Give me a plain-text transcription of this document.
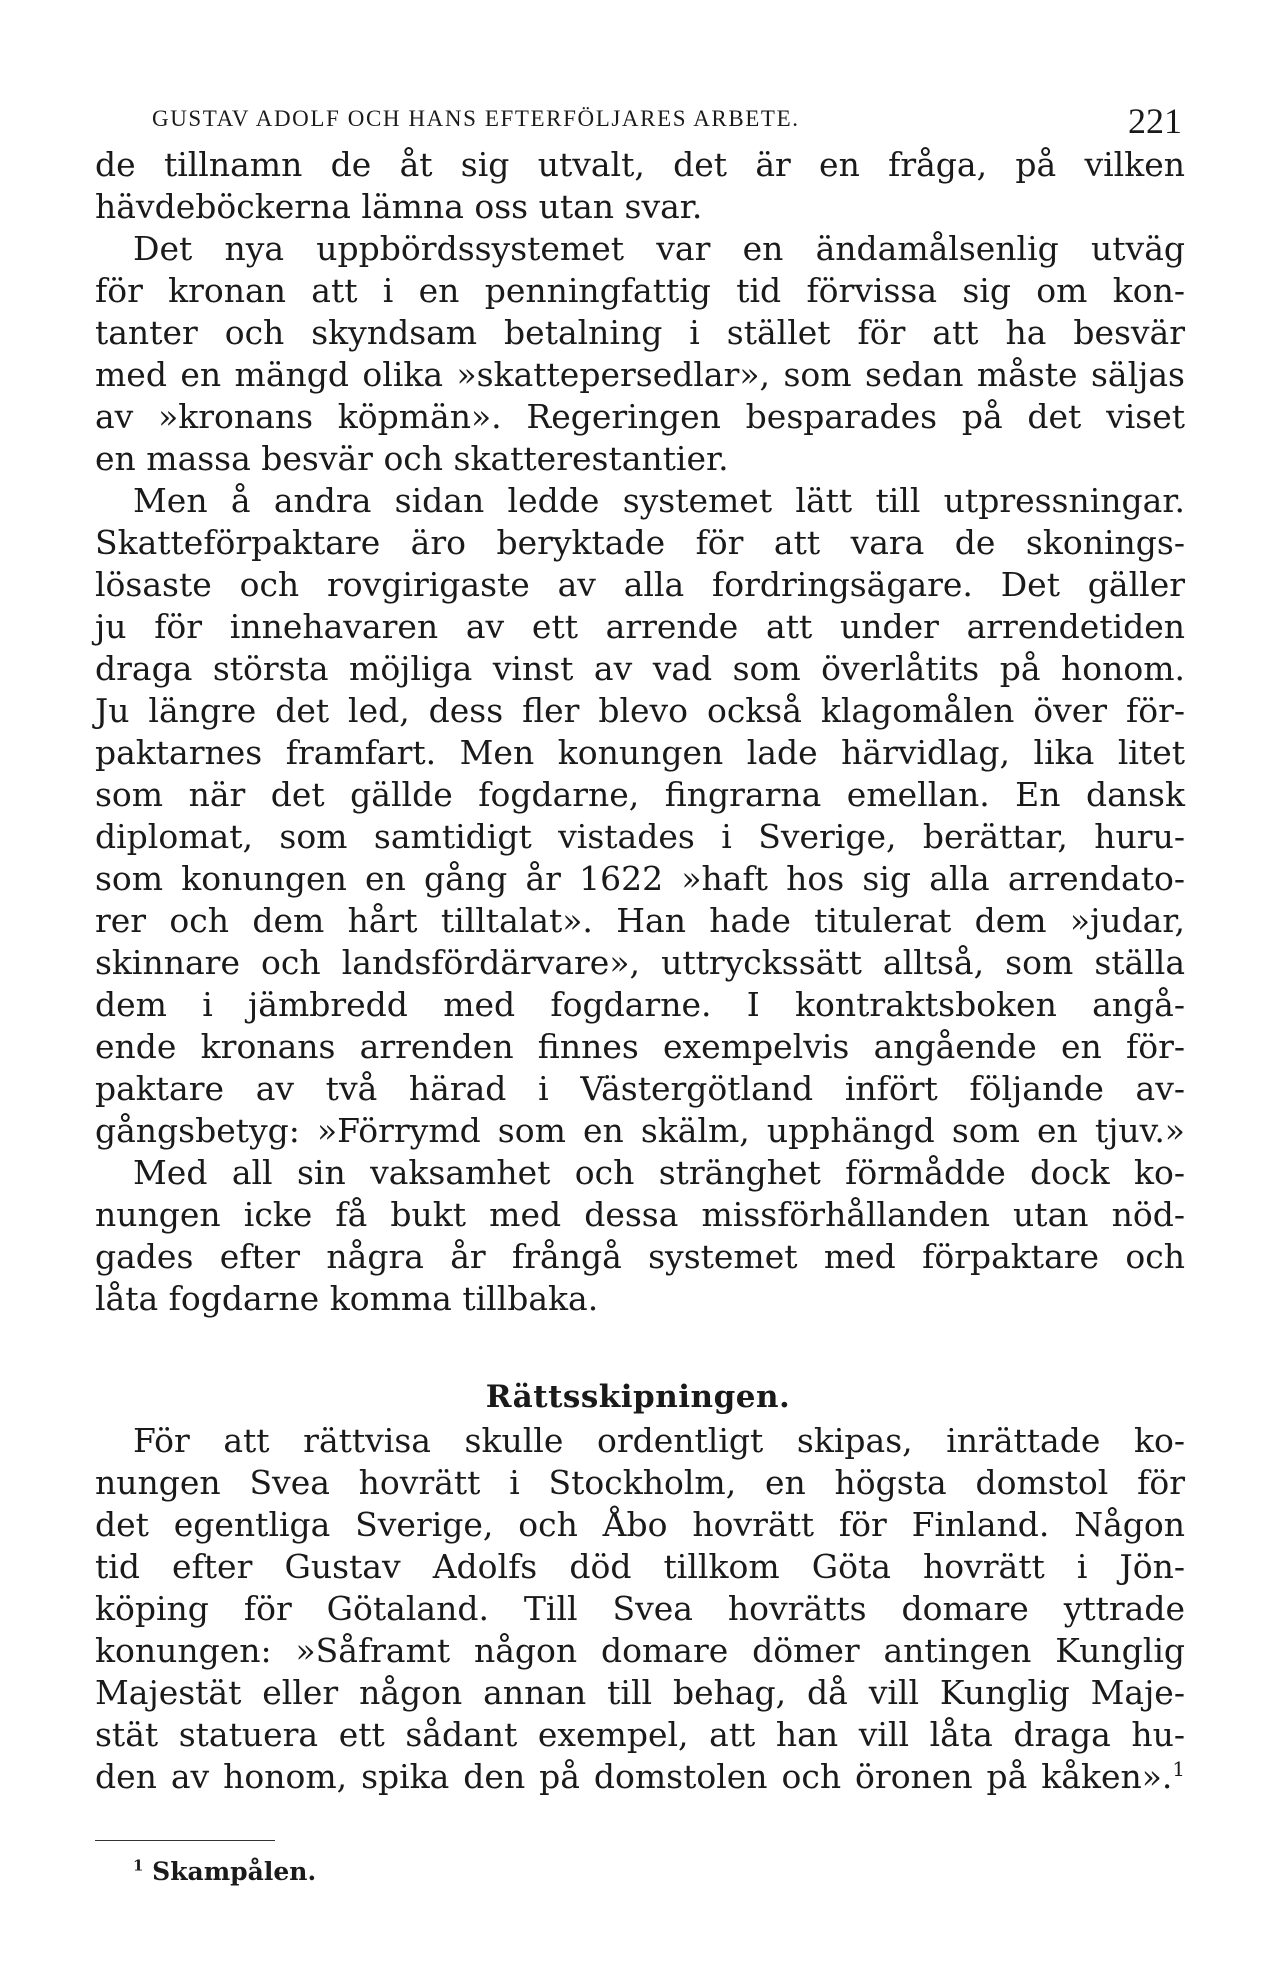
GUSTAV ADOLF OCH HANS EFTERFÖLJARES ARBETE.	221
de tillnamn de åt sig utvalt, det är en fråga, på vilken
hävdeböckerna lämna oss utan svar.
Det nya uppbördssystemet var en ändamålsenlig utväg
för kronan att i en penningfattig tid förvissa sig om kon-
tanter och skyndsam betalning i stället för att ha besvär
med en mängd olika »skattepersedlar», som sedan måste säljas
av »kronans köpmän». Regeringen besparades på det viset
en massa besvär och skatterestantier.
Men å andra sidan ledde systemet lätt till utpressningar.
Skatteförpaktare äro beryktade för att vara de skonings-
lösaste och rovgirigaste av alla fordringsägare. Det gäller
ju för innehavaren av ett arrende att under arrendetiden
draga största möjliga vinst av vad som överlåtits på honom.
Ju längre det led, dess fler blevo också klagomålen över för-
paktarnes framfart. Men konungen lade härvidlag, lika litet
som när det gällde fogdarne, fingrarna emellan. En dansk
diplomat, som samtidigt vistades i Sverige, berättar, huru-
som konungen en gång år 1622 »haft hos sig alla arrendato-
rer och dem hårt tilltalat». Han hade titulerat dem »judar,
skinnare och landsfördärvare», uttryckssätt alltså, som ställa
dem i jämbredd med fogdarne. I kontraktsboken angå-
ende kronans arrenden finnes exempelvis angående en för-
paktare av två härad i Västergötland infört följande av-
gångsbetyg: »Förrymd som en skälm, upphängd som en tjuv.»
Med all sin vaksamhet och stränghet förmådde dock ko-
nungen icke få bukt med dessa missförhållanden utan nöd-
gades efter några år frångå systemet med förpaktare och
låta fogdarne komma tillbaka.
Rättsskipningen.
För att rättvisa skulle ordentligt skipas, inrättade ko-
nungen Svea hovrätt i Stockholm, en högsta domstol för
det egentliga Sverige, och Åbo hovrätt för Finland. Någon
tid efter Gustav Adolfs död tillkom Göta hovrätt i Jön-
köping för Götaland. Till Svea hovrätts domare yttrade
konungen: »Såframt någon domare dömer antingen Kunglig
Majestät eller någon annan till behag, då vill Kunglig Maje-
stät statuera ett sådant exempel, att han vill låta draga hu-
den av honom, spika den på domstolen och öronen på kåken».$^1$
$^1$ Skampålen.
